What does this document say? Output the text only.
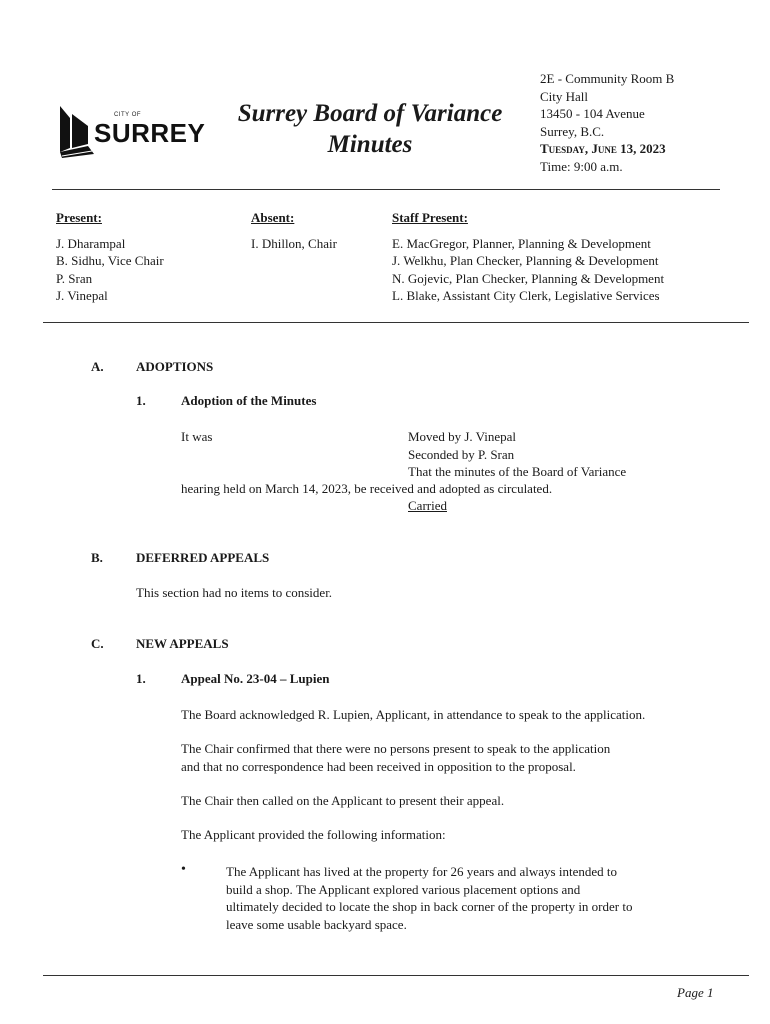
CITY OF
SURREY
Surrey Board of Variance
Minutes
2E - Community Room B
City Hall
13450 - 104 Avenue
Surrey, B.C.
Tuesday, June 13, 2023
Time: 9:00 a.m.
Present:
J. Dharampal
B. Sidhu, Vice Chair
P. Sran
J. Vinepal
Absent:
I. Dhillon, Chair
Staff Present:
E. MacGregor, Planner, Planning & Development
J. Welkhu, Plan Checker, Planning & Development
N. Gojevic, Plan Checker, Planning & Development
L. Blake, Assistant City Clerk, Legislative Services
A. ADOPTIONS
1.	Adoption of the Minutes
It was	Moved by J. Vinepal
Seconded by P. Sran
That the minutes of the Board of Variance
hearing held on March 14, 2023, be received and adopted as circulated.
Carried
B.	DEFERRED APPEALS
This section had no items to consider.
C. NEW APPEALS
1.	Appeal No. 23-04 – Lupien
The Board acknowledged R. Lupien, Applicant, in attendance to speak to the application.
The Chair confirmed that there were no persons present to speak to the application
and that no correspondence had been received in opposition to the proposal.
The Chair then called on the Applicant to present their appeal.
The Applicant provided the following information:
•	The Applicant has lived at the property for 26 years and always intended to
build a shop. The Applicant explored various placement options and
ultimately decided to locate the shop in back corner of the property in order to
leave some usable backyard space.
Page 1
